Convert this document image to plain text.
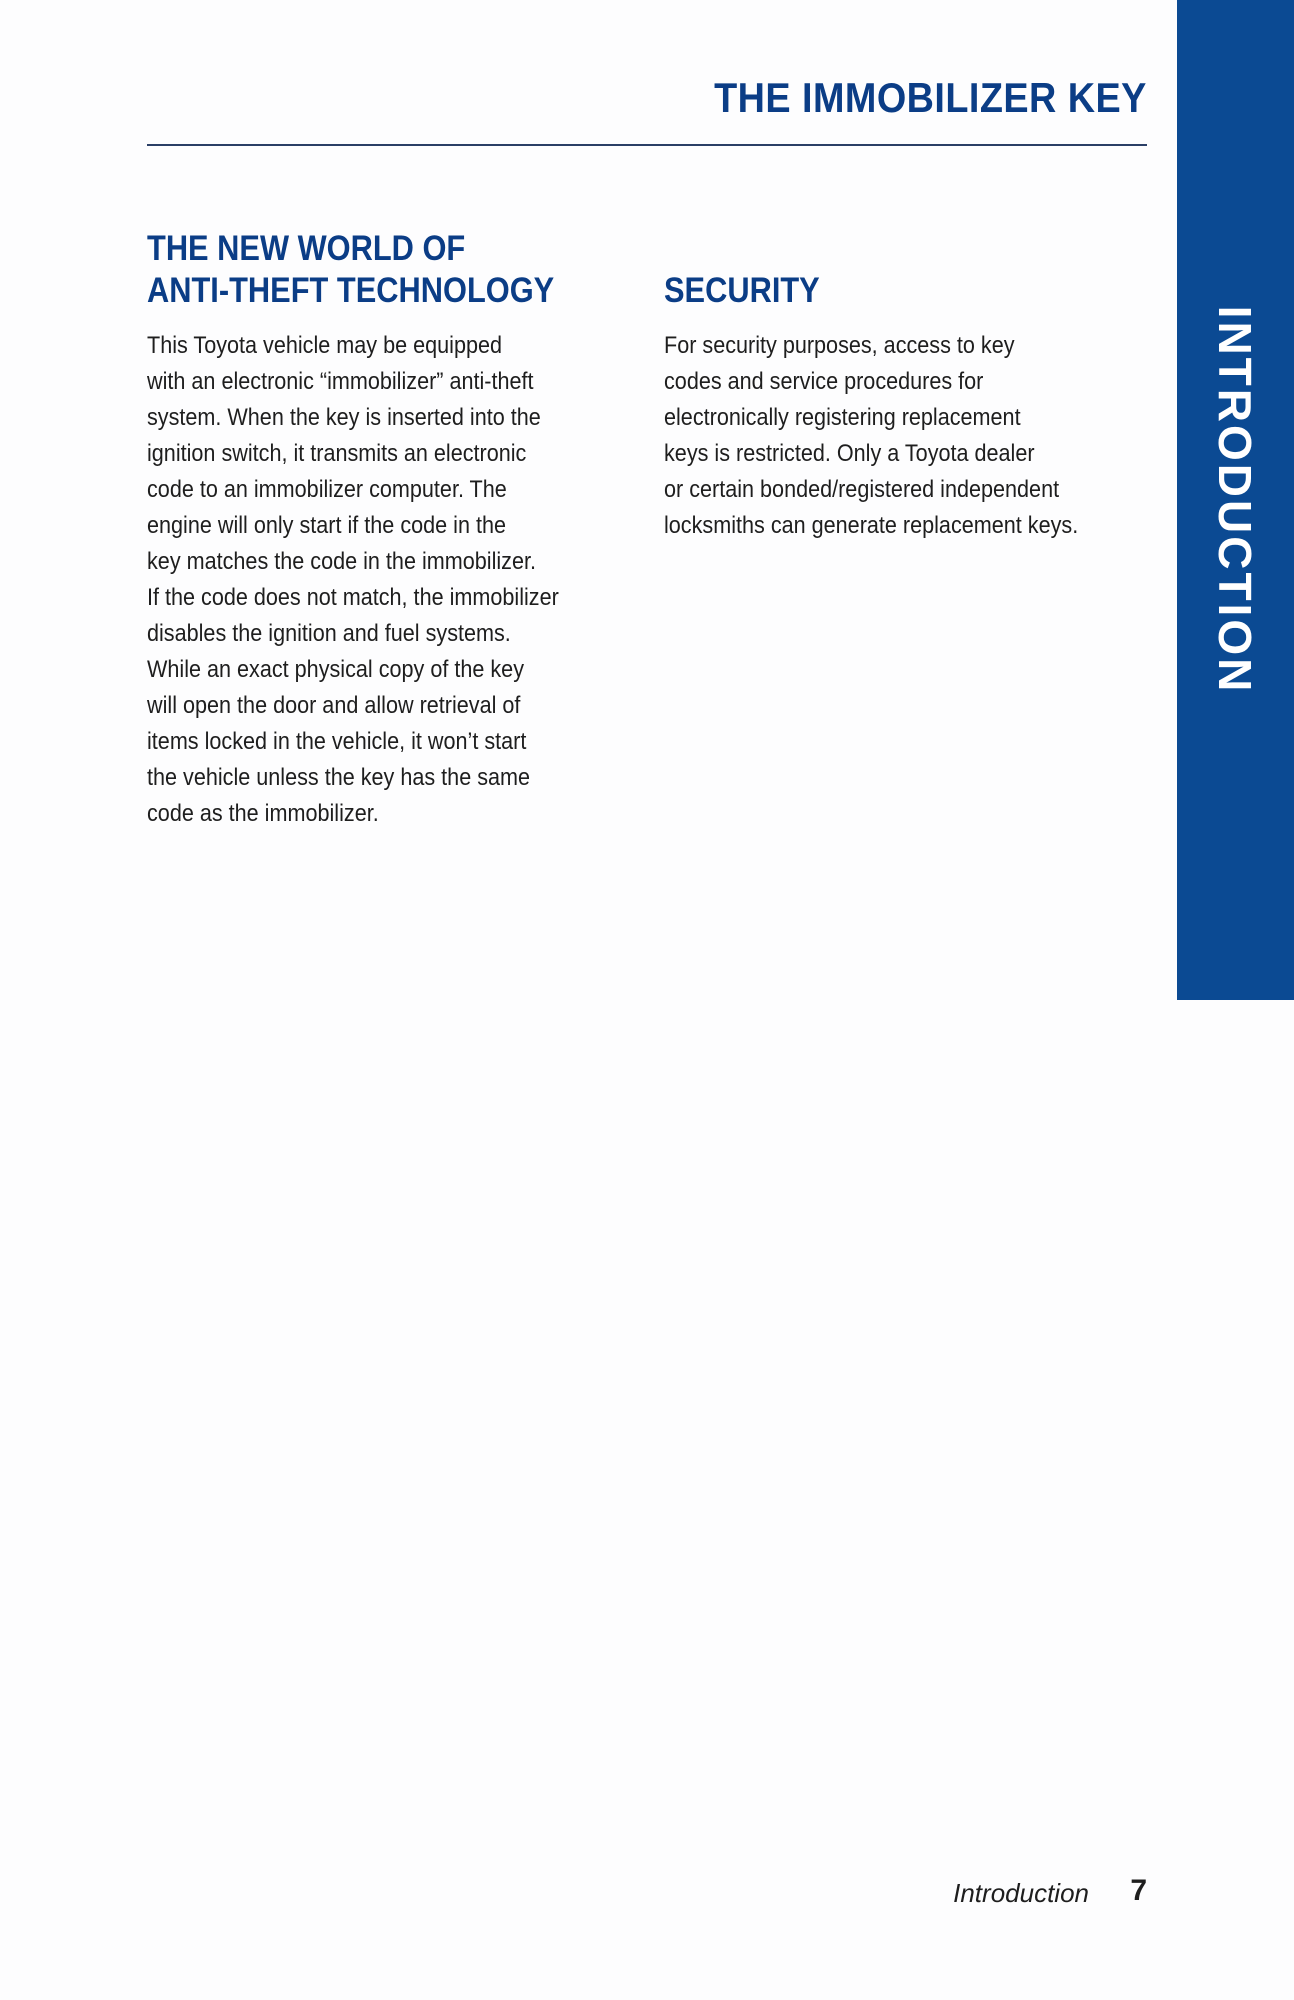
THE IMMOBILIZER KEY
INTRODUCTION
THE NEW WORLD OF
ANTI-THEFT TECHNOLOGY

This Toyota vehicle may be equipped
with an electronic “immobilizer” anti-theft
system. When the key is inserted into the
ignition switch, it transmits an electronic
code to an immobilizer computer. The
engine will only start if the code in the
key matches the code in the immobilizer.
If the code does not match, the immobilizer
disables the ignition and fuel systems.
While an exact physical copy of the key
will open the door and allow retrieval of
items locked in the vehicle, it won’t start
the vehicle unless the key has the same
code as the immobilizer.

SECURITY

For security purposes, access to key
codes and service procedures for
electronically registering replacement
keys is restricted. Only a Toyota dealer
or certain bonded/registered independent
locksmiths can generate replacement keys.

Introduction 7
